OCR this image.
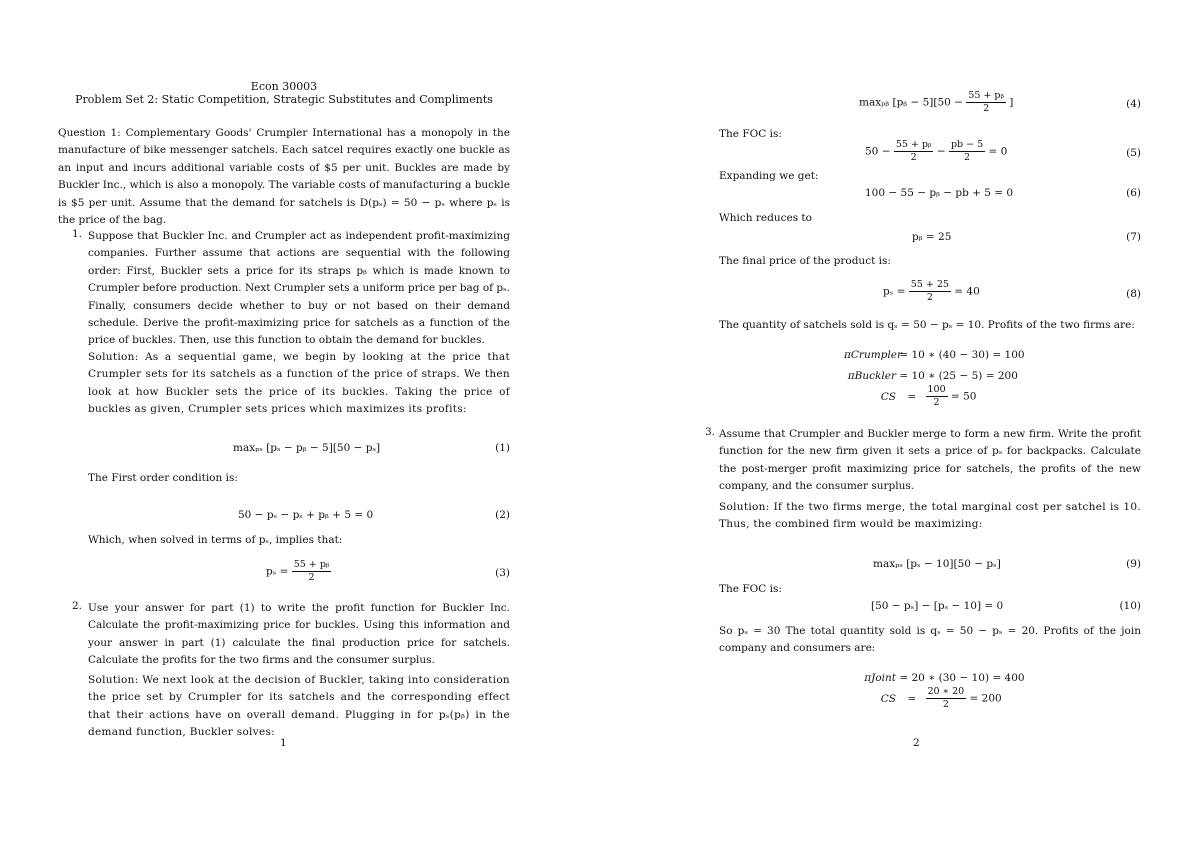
Econ 30003
Problem Set 2: Static Competition, Strategic Substitutes and Compliments
Question 1: Complementary Goods' Crumpler International has a monopoly in the manufacture of bike messenger satchels. Each satcel requires exactly one buckle as an input and incurs additional variable costs of $5 per unit. Buckles are made by Buckler Inc., which is also a monopoly. The variable costs of manufacturing a buckle is $5 per unit. Assume that the demand for satchels is D(pₛ) = 50 − pₛ where pₛ is the price of the bag.
1. Suppose that Buckler Inc. and Crumpler act as independent profit-maximizing companies. Further assume that actions are sequential with the following order: First, Buckler sets a price for its straps pᵦ which is made known to Crumpler before production. Next Crumpler sets a uniform price per bag of pₛ. Finally, consumers decide whether to buy or not based on their demand schedule. Derive the profit-maximizing price for satchels as a function of the price of buckles. Then, use this function to obtain the demand for buckles.
Solution: As a sequential game, we begin by looking at the price that Crumpler sets for its satchels as a function of the price of straps. We then look at how Buckler sets the price of its buckles. Taking the price of buckles as given, Crumpler sets prices which maximizes its profits:
maxₚₛ [pₛ − pᵦ − 5][50 − pₛ]	(1)
The First order condition is:
50 − pₛ − pₛ + pᵦ + 5 = 0	(2)
Which, when solved in terms of pₛ, implies that:
$p_s = \frac{\text{55 + pᵦ}}{2}$	(3)
2. Use your answer for part (1) to write the profit function for Buckler Inc. Calculate the profit-maximizing price for buckles. Using this information and your answer in part (1) calculate the final production price for satchels. Calculate the profits for the two firms and the consumer surplus.
Solution: We next look at the decision of Buckler, taking into consideration the price set by Crumpler for its satchels and the corresponding effect that their actions have on overall demand. Plugging in for pₛ(pᵦ) in the demand function, Buckler solves:
1
maxₚᵦ [pᵦ − $5][50 - \frac{\text{55 + pᵦ}}{2}$ ]	(4)
The FOC is:
$50 - \frac{\text{55 + pᵦ}}{2} - \frac{pb - 5}{2} = 0$	(5)
Expanding we get:
100 − 55 − pᵦ − pb + 5 = 0	(6)
Which reduces to
pᵦ = 25	(7)
The final price of the product is:
$p_s = \frac{55 + 25}{2} = 40$	(8)
The quantity of satchels sold is qₛ = 50 − pₛ = 10. Profits of the two firms are:
πCrumpler = 10 ∗ (40 − 30) = 100
πBuckler = 10 ∗ (25 − 5) = 200
CS = $\frac{100}{2} = 50$
3. Assume that Crumpler and Buckler merge to form a new firm. Write the profit function for the new firm given it sets a price of pₛ for backpacks. Calculate the post-merger profit maximizing price for satchels, the profits of the new company, and the consumer surplus.
Solution: If the two firms merge, the total marginal cost per satchel is 10. Thus, the combined firm would be maximizing:
maxₚₛ [pₛ − 10][50 − pₛ]	(9)
The FOC is:
[50 − pₛ] − [pₛ − 10] = 0	(10)
So pₛ = 30 The total quantity sold is qₛ = 50 − pₛ = 20. Profits of the join company and consumers are:
πJoint = 20 ∗ (30 − 10) = 400
CS = $\frac{20 ∗ 20}{2} = 200$
2
